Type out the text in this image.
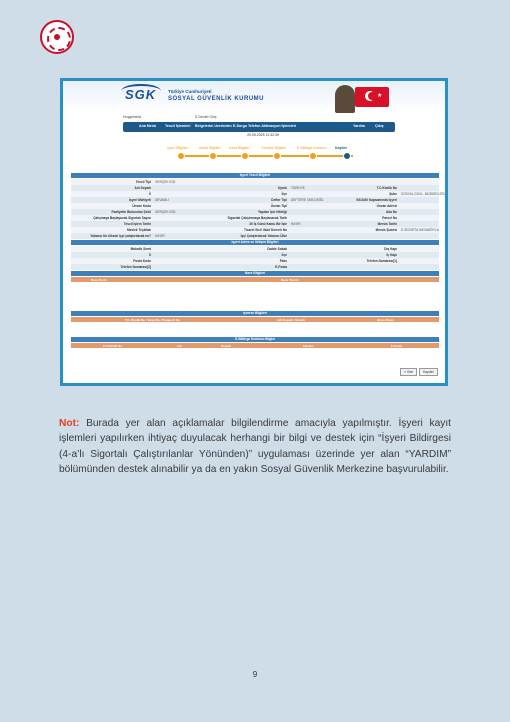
SGK	Türkiye Cumhuriyeti
SOSYAL GÜVENLİK KURUMU	★
Hoşgeldiniz,	E-Devlet Giriş
Ana Menü Tescil İşlemleri Belgelerim Uzerinden E-Sorgu Telefon Aktivasyon İşlemleri	Yardım	Çıkış
20.05.2025 11:32:39
İşyeri Bilgileri	Adres Bilgileri Kaza Bilgileri	Yönetim Bilgileri	E-Bildirge Kullanıcı Kaydet
İşyeri Tescil Bilgileri
İşyeri Adres ve İletişim Bilgileri
Nace Bilgileri
Nace Kodu	Nace Tanımı
İşveren Bilgileri
T.C. Kimlik No / Vergi No / Pasaport No	Adı Soyadı / Ünvanı	Hisse Oranı
E-Bildirge Kullanıcı Bilgisi
T.C.Kimlik No	Adı	Soyadı	Telefon	E-Posta
« Geri	Kaydet
Tescil Tipi GERÇEK KİŞİ
Adı Soyadı	Uyruk TÜRKİYE	T.C.Kimlik No
İl	İlçe	Şube SOSYAL GÜVL. MÜDÜRLÜĞÜ
İşyeri Mahiyeti DEVAMLI	Defter Tipi DEFTERE TABİ DEĞİL	5510/30 Kapsamında İşyeri
Ünvan Kodu	Ünvan Tipi	Ünvan Adresi
Faaliyette Bulunulan Şekil GERÇEK KİŞİ	Yapılan İşin Niteliği	Ada No
Çalışmaya Başlayacak Sigortalı Sayısı	Sigortalı Çalıştırmaya Başlanacak Tarih	Parsel No
Tescil İşlem Tarihi	30 İş Günü Kamu Bir İşte HAYIR	Mersis Tarihi
Meslek Teşkilatı	Ticaret Sicil Vakıf Dernek No	Mersis Şubesi E-SİGORTA KAYNAĞIYLA
Yabancı bir ülkede işçi çalıştırılacak mı? HAYIR	İşçi Çalıştırılacak Yabancı Ülke
Mahalle Semt	Cadde Sokak	Dış Kapı
İl	İlçe	İç Kapı
Posta Kodu	Faks	Telefon Numarası[1]
Telefon Numarası[2]	E-Posta
Not: Burada yer alan açıklamalar bilgilendirme amacıyla yapılmıştır. İşyeri kayıt işlemleri yapılırken ihtiyaç duyulacak herhangi bir bilgi ve destek için “İşyeri Bildirgesi (4-a’lı Sigortalı Çalıştırılanlar Yönünden)” uygulaması üzerinde yer alan “YARDIM” bölümünden destek alınabilir ya da en yakın Sosyal Güvenlik Merkezine başvurulabilir.
9
